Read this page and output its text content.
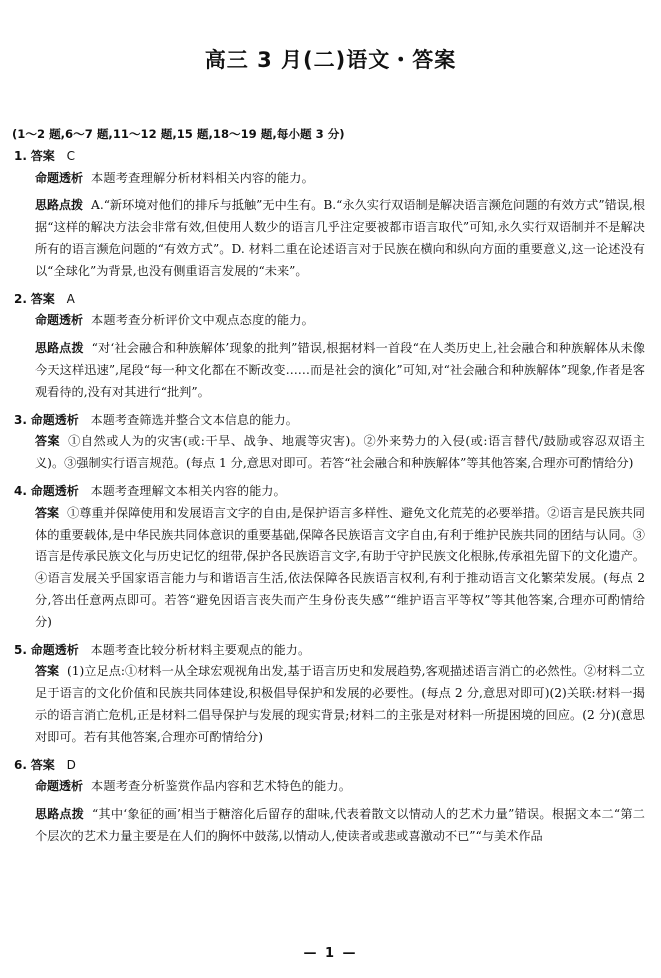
高三 3 月(二)语文・答案
(1～2 题,6～7 题,11～12 题,15 题,18～19 题,每小题 3 分)
1. 答案 C
命题透析 本题考查理解分析材料相关内容的能力。
思路点拨 A.“新环境对他们的排斥与抵触”无中生有。B.“永久实行双语制是解决语言濒危问题的有效方式”错误,根据“这样的解决方法会非常有效,但使用人数少的语言几乎注定要被都市语言取代”可知,永久实行双语制并不是解决所有的语言濒危问题的“有效方式”。D. 材料二重在论述语言对于民族在横向和纵向方面的重要意义,这一论述没有以“全球化”为背景,也没有侧重语言发展的“未来”。
2. 答案 A
命题透析 本题考查分析评价文中观点态度的能力。
思路点拨 “对‘社会融合和种族解体’现象的批判”错误,根据材料一首段“在人类历史上,社会融合和种族解体从未像今天这样迅速”,尾段“每一种文化都在不断改变……而是社会的演化”可知,对“社会融合和种族解体”现象,作者是客观看待的,没有对其进行“批判”。
3. 命题透析 本题考查筛选并整合文本信息的能力。
答案 ①自然或人为的灾害(或:干旱、战争、地震等灾害)。②外来势力的入侵(或:语言替代/鼓励或容忍双语主义)。③强制实行语言规范。(每点 1 分,意思对即可。若答“社会融合和种族解体”等其他答案,合理亦可酌情给分)
4. 命题透析 本题考查理解文本相关内容的能力。
答案 ①尊重并保障使用和发展语言文字的自由,是保护语言多样性、避免文化荒芜的必要举措。②语言是民族共同体的重要载体,是中华民族共同体意识的重要基础,保障各民族语言文字自由,有利于维护民族共同的团结与认同。③语言是传承民族文化与历史记忆的纽带,保护各民族语言文字,有助于守护民族文化根脉,传承祖先留下的文化遗产。④语言发展关乎国家语言能力与和谐语言生活,依法保障各民族语言权利,有利于推动语言文化繁荣发展。(每点 2 分,答出任意两点即可。若答“避免因语言丧失而产生身份丧失感”“维护语言平等权”等其他答案,合理亦可酌情给分)
5. 命题透析 本题考查比较分析材料主要观点的能力。
答案 (1)立足点:①材料一从全球宏观视角出发,基于语言历史和发展趋势,客观描述语言消亡的必然性。②材料二立足于语言的文化价值和民族共同体建设,积极倡导保护和发展的必要性。(每点 2 分,意思对即可)(2)关联:材料一揭示的语言消亡危机,正是材料二倡导保护与发展的现实背景;材料二的主张是对材料一所提困境的回应。(2 分)(意思对即可。若有其他答案,合理亦可酌情给分)
6. 答案 D
命题透析 本题考查分析鉴赏作品内容和艺术特色的能力。
思路点拨 “其中‘象征的画’相当于糖溶化后留存的甜味,代表着散文以情动人的艺术力量”错误。根据文本二“第二个层次的艺术力量主要是在人们的胸怀中鼓荡,以情动人,使读者或悲或喜激动不已”“与美术作品
— 1 —
